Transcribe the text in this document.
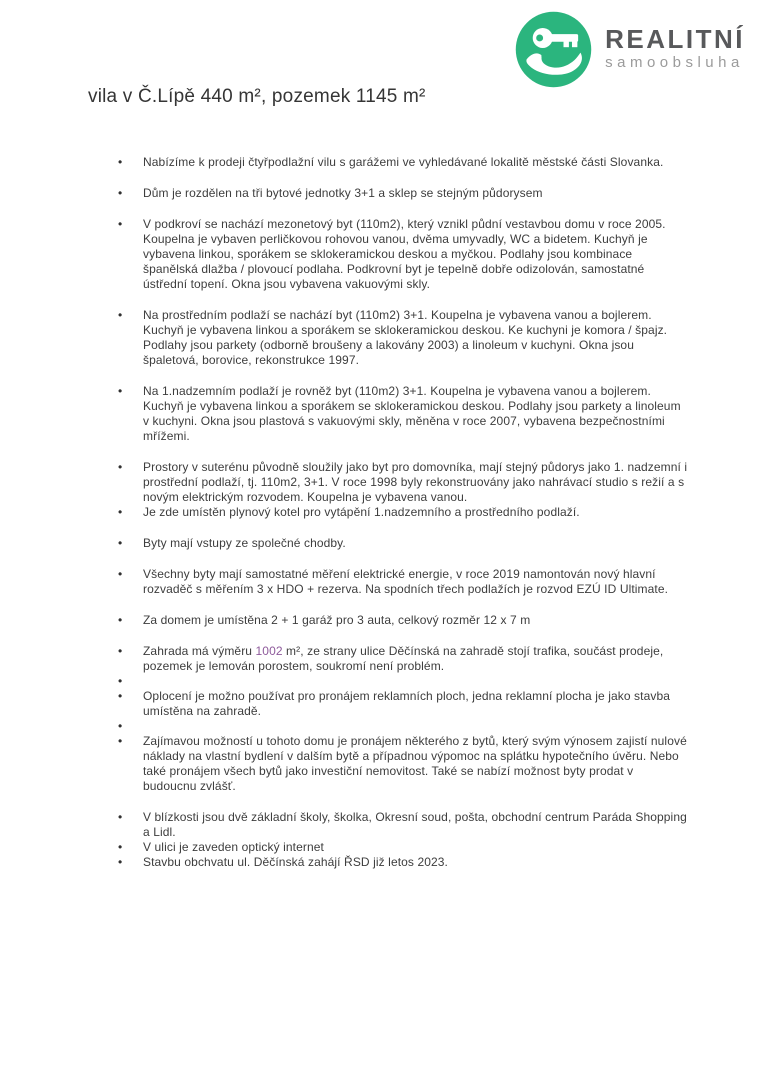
REALITNÍ
samoobsluha
vila v Č.Lípě 440 m², pozemek 1145 m²
•	Nabízíme k prodeji čtyřpodlažní vilu s garážemi ve vyhledávané lokalitě městské části Slovanka.
•	Dům je rozdělen na tři bytové jednotky 3+1 a sklep se stejným půdorysem
•	V podkroví se nachází mezonetový byt (110m2), který vznikl půdní vestavbou domu v roce 2005. Koupelna je vybaven perličkovou rohovou vanou, dvěma umyvadly, WC a bidetem. Kuchyň je vybavena linkou, sporákem se sklokeramickou deskou a myčkou. Podlahy jsou kombinace španělská dlažba / plovoucí podlaha. Podkrovní byt je tepelně dobře odizolován, samostatné ústřední topení. Okna jsou vybavena vakuovými skly.
•	Na prostředním podlaží se nachází byt (110m2) 3+1. Koupelna je vybavena vanou a bojlerem. Kuchyň je vybavena linkou a sporákem se sklokeramickou deskou. Ke kuchyni je komora / špajz. Podlahy jsou parkety (odborně broušeny a lakovány 2003) a linoleum v kuchyni. Okna jsou špaletová, borovice, rekonstrukce 1997.
•	Na 1.nadzemním podlaží je rovněž byt (110m2) 3+1. Koupelna je vybavena vanou a bojlerem. Kuchyň je vybavena linkou a sporákem se sklokeramickou deskou. Podlahy jsou parkety a linoleum v kuchyni. Okna jsou plastová s vakuovými skly, měněna v roce 2007, vybavena bezpečnostními mřížemi.
•	Prostory v suterénu původně sloužily jako byt pro domovníka, mají stejný půdorys jako 1. nadzemní i prostřední podlaží, tj. 110m2, 3+1. V roce 1998 byly rekonstruovány jako nahrávací studio s režií a s novým elektrickým rozvodem. Koupelna je vybavena vanou.
•	Je zde umístěn plynový kotel pro vytápění 1.nadzemního a prostředního podlaží.
•	Byty mají vstupy ze společné chodby.
•	Všechny byty mají samostatné měření elektrické energie, v roce 2019 namontován nový hlavní rozvaděč s měřením 3 x HDO + rezerva. Na spodních třech podlažích je rozvod EZÚ ID Ultimate.
•	Za domem je umístěna 2 + 1 garáž pro 3 auta, celkový rozměr 12 x 7 m
•	Zahrada má výměru 1002 m², ze strany ulice Děčínská na zahradě stojí trafika, součást prodeje, pozemek je lemován porostem, soukromí není problém.
•
•	Oplocení je možno používat pro pronájem reklamních ploch, jedna reklamní plocha je jako stavba umístěna na zahradě.
•
•	Zajímavou možností u tohoto domu je pronájem některého z bytů, který svým výnosem zajistí nulové náklady na vlastní bydlení v dalším bytě a případnou výpomoc na splátku hypotečního úvěru. Nebo také pronájem všech bytů jako investiční nemovitost. Také se nabízí možnost byty prodat v budoucnu zvlášť.
•	V blízkosti jsou dvě základní školy, školka, Okresní soud, pošta, obchodní centrum Paráda Shopping a Lidl.
•	V ulici je zaveden optický internet
•	Stavbu obchvatu ul. Děčínská zahájí ŘSD již letos 2023.
